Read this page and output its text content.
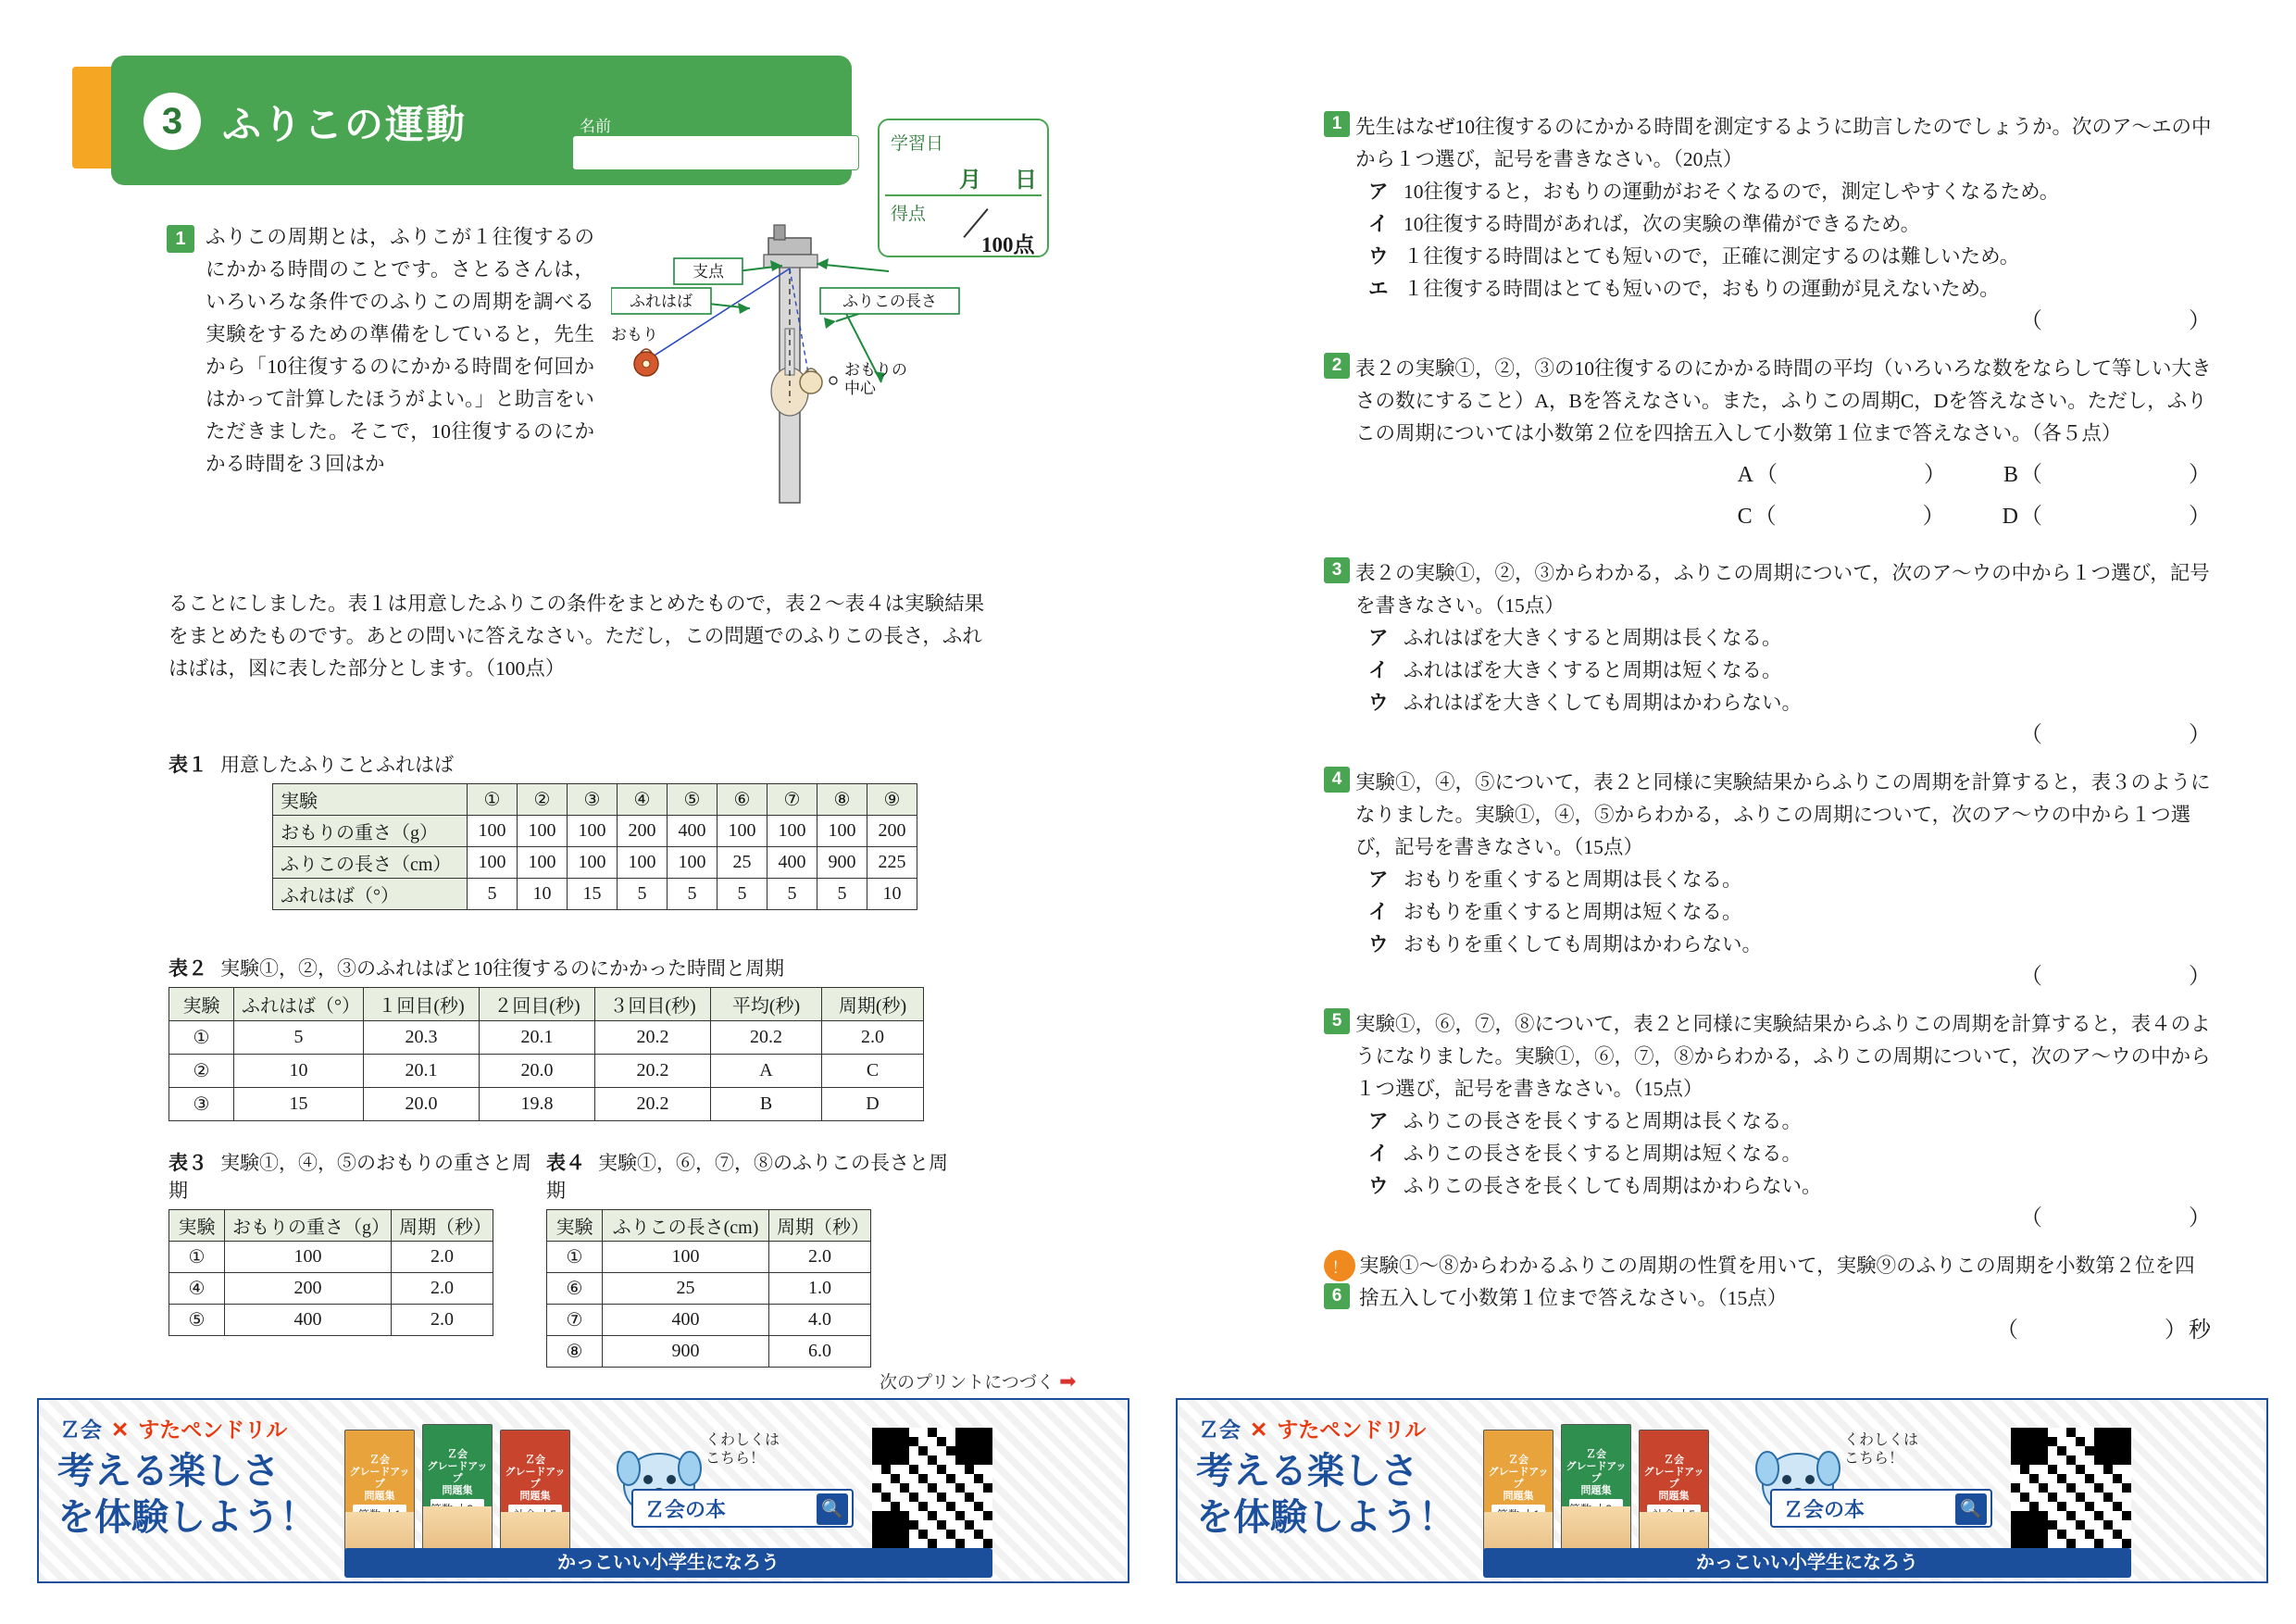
3	ふりこの運動	名前
学習日
月 日
得点
100点
1 ふりこの周期とは，ふりこが１往復するのにかかる時間のことです。さとるさんは，いろいろな条件でのふりこの周期を調べる実験をするための準備をしていると，先生から「10往復するのにかかる時間を何回かはかって計算したほうがよい。」と助言をいただきました。そこで，10往復するのにかかる時間を３回はか
支点
ふれはば	ふりこの長さ
おもり
おもりの
中心
ることにしました。表１は用意したふりこの条件をまとめたもので，表２〜表４は実験結果をまとめたものです。あとの問いに答えなさい。ただし，この問題でのふりこの長さ，ふれはばは，図に表した部分とします。（100点）
表１ 用意したふりことふれはば
実験	①	②	③	④	⑤	⑥	⑦	⑧	⑨
おもりの重さ（g）	100	100	100	200	400	100	100	100	200
ふりこの長さ（cm）	100	100	100	100	100	25	400	900	225
ふれはば（°）	5	10	15	5	5	5	5	5	10
表２ 実験①，②，③のふれはばと10往復するのにかかった時間と周期
実験	ふれはば（°）	１回目(秒)	２回目(秒)	３回目(秒)	平均(秒)	周期(秒)
①	5	20.3	20.1	20.2	20.2	2.0
②	10	20.1	20.0	20.2	A	C
③	15	20.0	19.8	20.2	B	D
表３ 実験①，④，⑤のおもりの重さと周期
実験	おもりの重さ（g）	周期（秒）
①	100	2.0
④	200	2.0
⑤	400	2.0
表４ 実験①，⑥，⑦，⑧のふりこの長さと周期
実験	ふりこの長さ(cm)	周期（秒）
①	100	2.0
⑥	25	1.0
⑦	400	4.0
⑧	900	6.0
1 先生はなぜ10往復するのにかかる時間を測定するように助言したのでしょうか。次のア〜エの中から１つ選び，記号を書きなさい。（20点）
ア 10往復すると，おもりの運動がおそくなるので，測定しやすくなるため。
イ 10往復する時間があれば，次の実験の準備ができるため。
ウ １往復する時間はとても短いので，正確に測定するのは難しいため。
エ １往復する時間はとても短いので，おもりの運動が見えないため。
（　　　　　　）
2 表２の実験①，②，③の10往復するのにかかる時間の平均（いろいろな数をならして等しい大きさの数にすること）A，Bを答えなさい。また，ふりこの周期C，Dを答えなさい。ただし，ふりこの周期については小数第２位を四捨五入して小数第１位まで答えなさい。（各５点）
A（　　　　　　）	B（　　　　　　）
C（　　　　　　）	D（　　　　　　）
3 表２の実験①，②，③からわかる，ふりこの周期について，次のア〜ウの中から１つ選び，記号を書きなさい。（15点）
ア ふれはばを大きくすると周期は長くなる。
イ ふれはばを大きくすると周期は短くなる。
ウ ふれはばを大きくしても周期はかわらない。
（　　　　　　）
4 実験①，④，⑤について，表２と同様に実験結果からふりこの周期を計算すると，表３のようになりました。実験①，④，⑤からわかる，ふりこの周期について，次のア〜ウの中から１つ選び，記号を書きなさい。（15点）
ア おもりを重くすると周期は長くなる。
イ おもりを重くすると周期は短くなる。
ウ おもりを重くしても周期はかわらない。
（　　　　　　）
5 実験①，⑥，⑦，⑧について，表２と同様に実験結果からふりこの周期を計算すると，表４のようになりました。実験①，⑥，⑦，⑧からわかる，ふりこの周期について，次のア〜ウの中から１つ選び，記号を書きなさい。（15点）
ア ふりこの長さを長くすると周期は長くなる。
イ ふりこの長さを長くすると周期は短くなる。
ウ ふりこの長さを長くしても周期はかわらない。
（　　　　　　）
！6
実験①〜⑧からわかるふりこの周期の性質を用いて，実験⑨のふりこの周期を小数第２位を四捨五入して小数第１位まで答えなさい。（15点）
（　　　　　　）秒
次のプリントにつづく ➡
Ｚ会 ✕ すたペンドリル
考える楽しさ
を体験しよう！
Ｚ会
グレードアップ
問題集
Ｚ会
グレードアップ
問題集
Ｚ会
グレードアップ
問題集
くわしくは
こちら！
Ｚ会の本	🔍
かっこいい小学生になろう
Ｚ会 ✕ すたペンドリル
考える楽しさ
を体験しよう！
Ｚ会
グレードアップ
問題集
Ｚ会
グレードアップ
問題集
Ｚ会
グレードアップ
問題集
くわしくは
こちら！
Ｚ会の本	🔍
かっこいい小学生になろう
